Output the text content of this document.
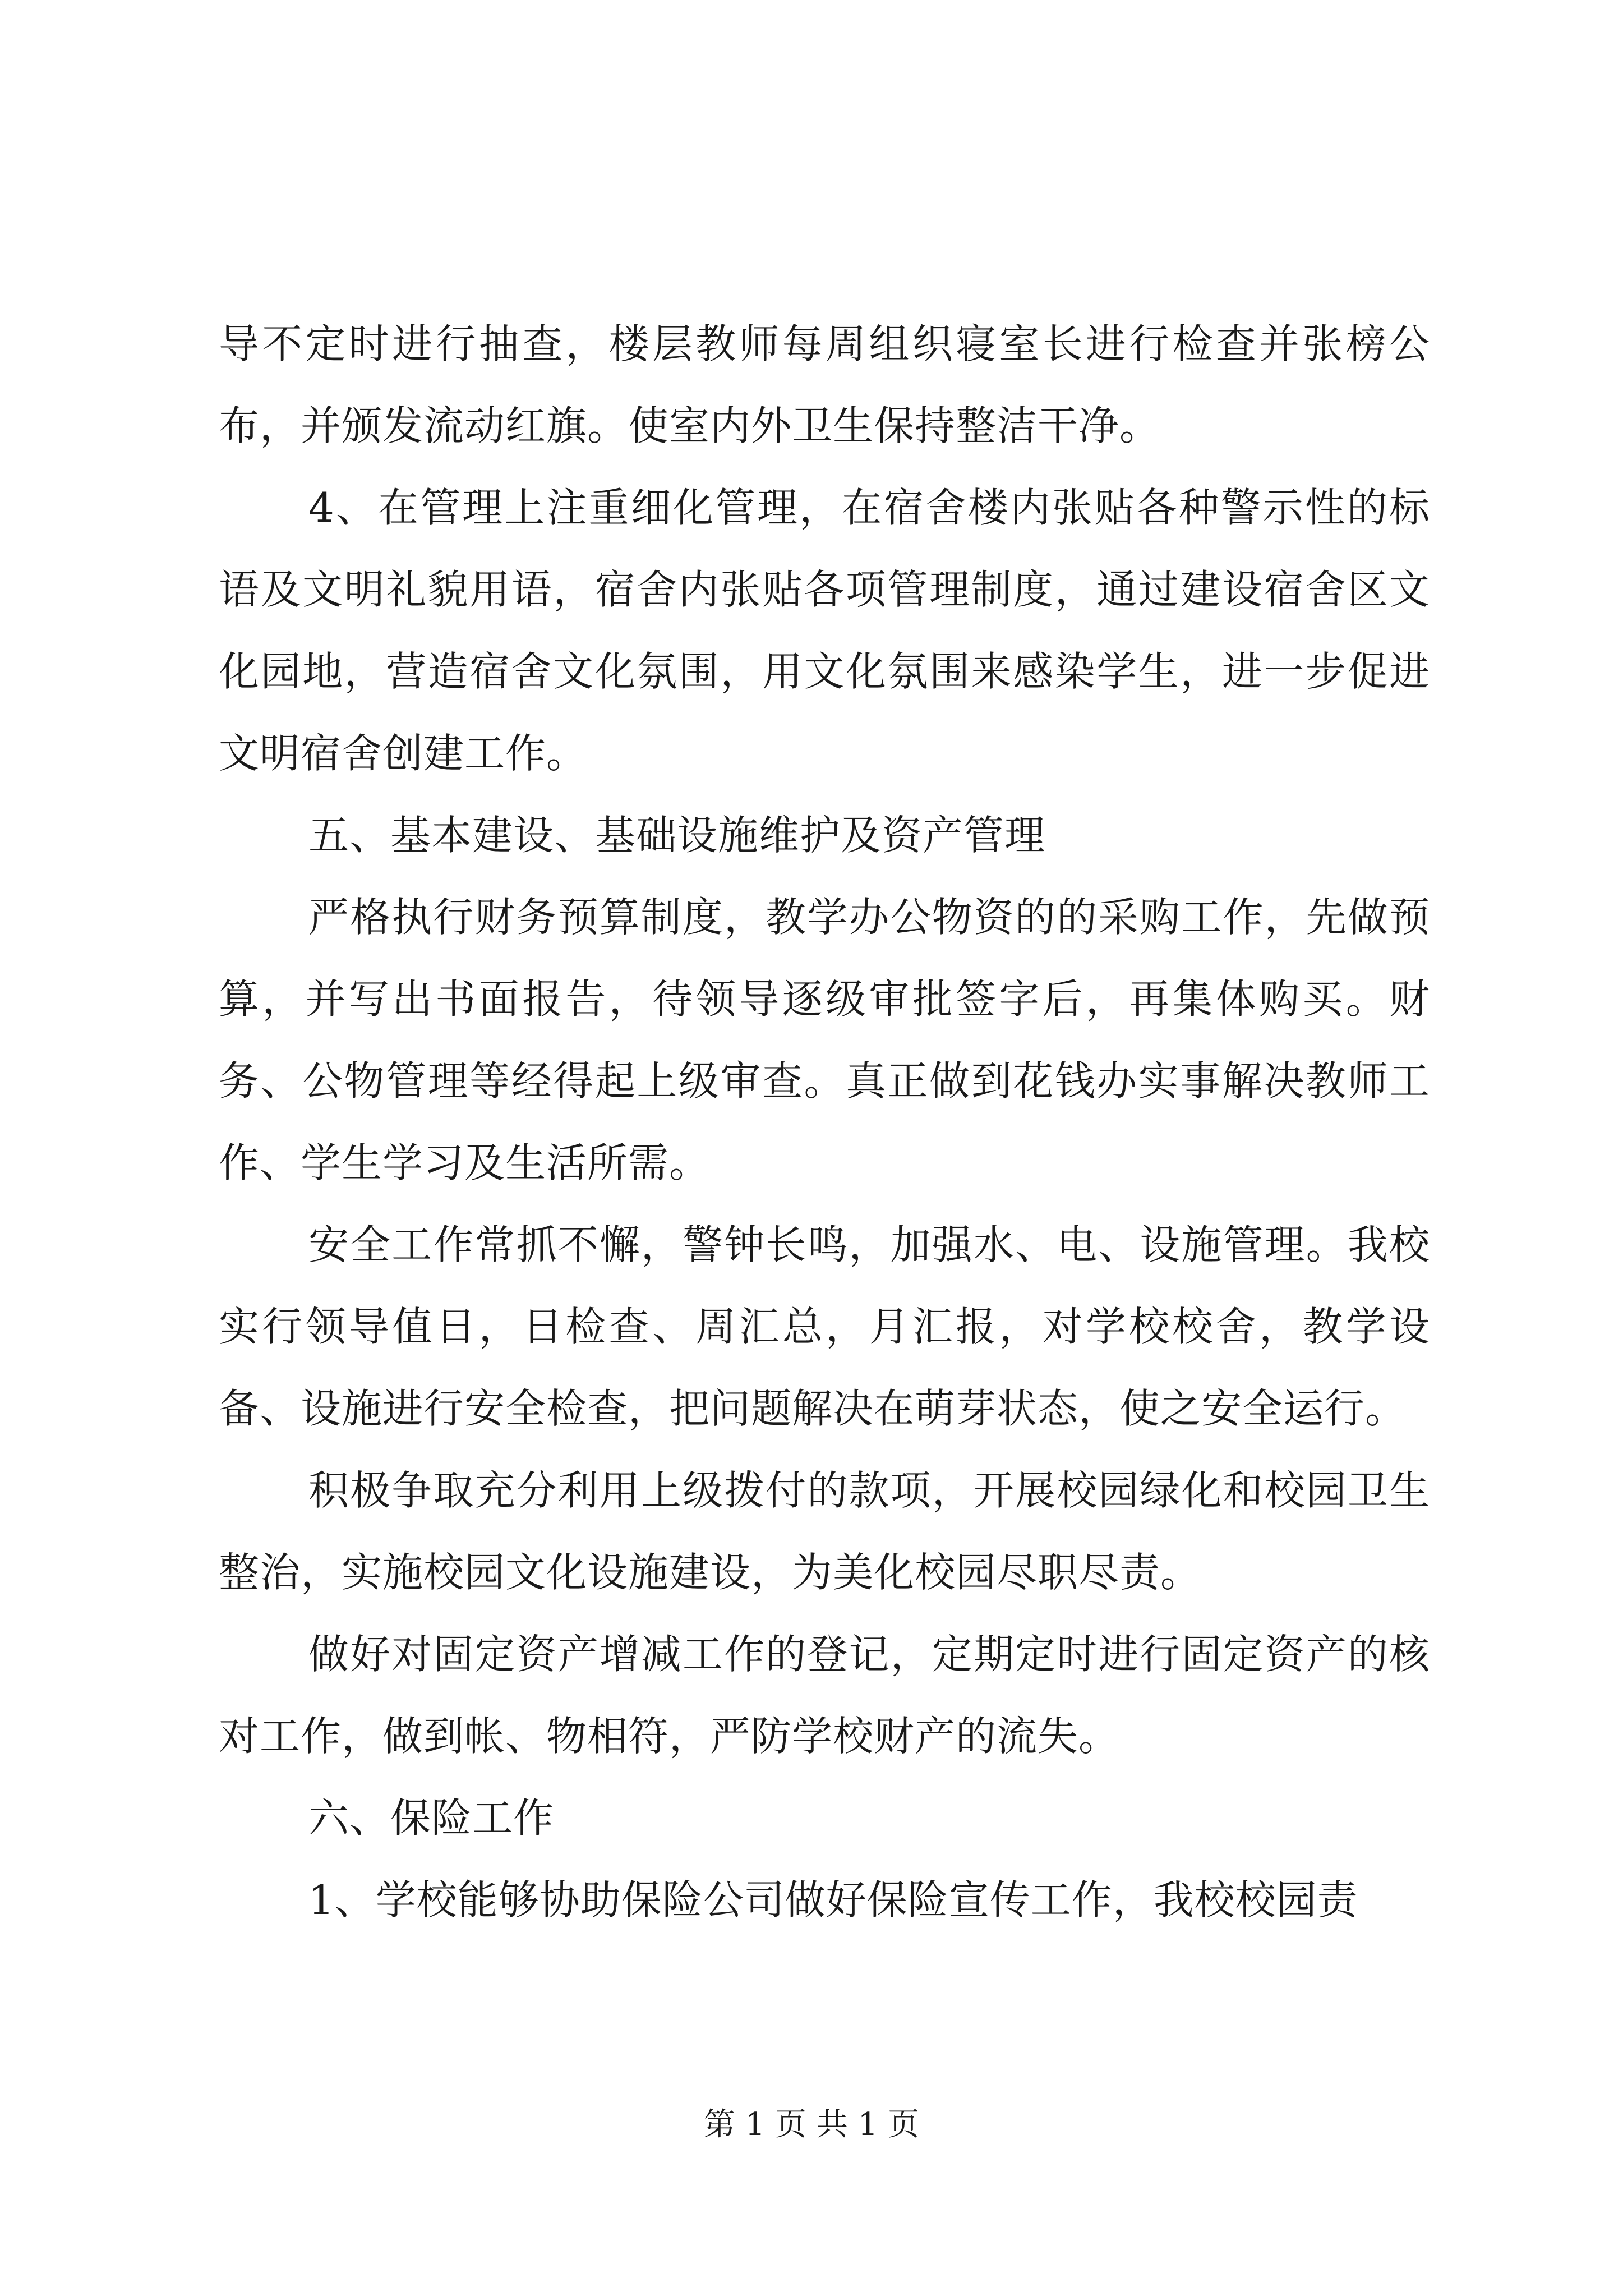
导不定时进行抽查，楼层教师每周组织寝室长进行检查并张榜公布，并颁发流动红旗。使室内外卫生保持整洁干净。

4、在管理上注重细化管理，在宿舍楼内张贴各种警示性的标语及文明礼貌用语，宿舍内张贴各项管理制度，通过建设宿舍区文化园地，营造宿舍文化氛围，用文化氛围来感染学生，进一步促进文明宿舍创建工作。

五、基本建设、基础设施维护及资产管理

严格执行财务预算制度，教学办公物资的的采购工作，先做预算，并写出书面报告，待领导逐级审批签字后，再集体购买。财务、公物管理等经得起上级审查。真正做到花钱办实事解决教师工作、学生学习及生活所需。

安全工作常抓不懈，警钟长鸣，加强水、电、设施管理。我校实行领导值日，日检查、周汇总，月汇报，对学校校舍，教学设备、设施进行安全检查，把问题解决在萌芽状态，使之安全运行。

积极争取充分利用上级拨付的款项，开展校园绿化和校园卫生整治，实施校园文化设施建设，为美化校园尽职尽责。

做好对固定资产增减工作的登记，定期定时进行固定资产的核对工作，做到帐、物相符，严防学校财产的流失。

六、保险工作

1、学校能够协助保险公司做好保险宣传工作，我校校园责

第 1 页 共 1 页
